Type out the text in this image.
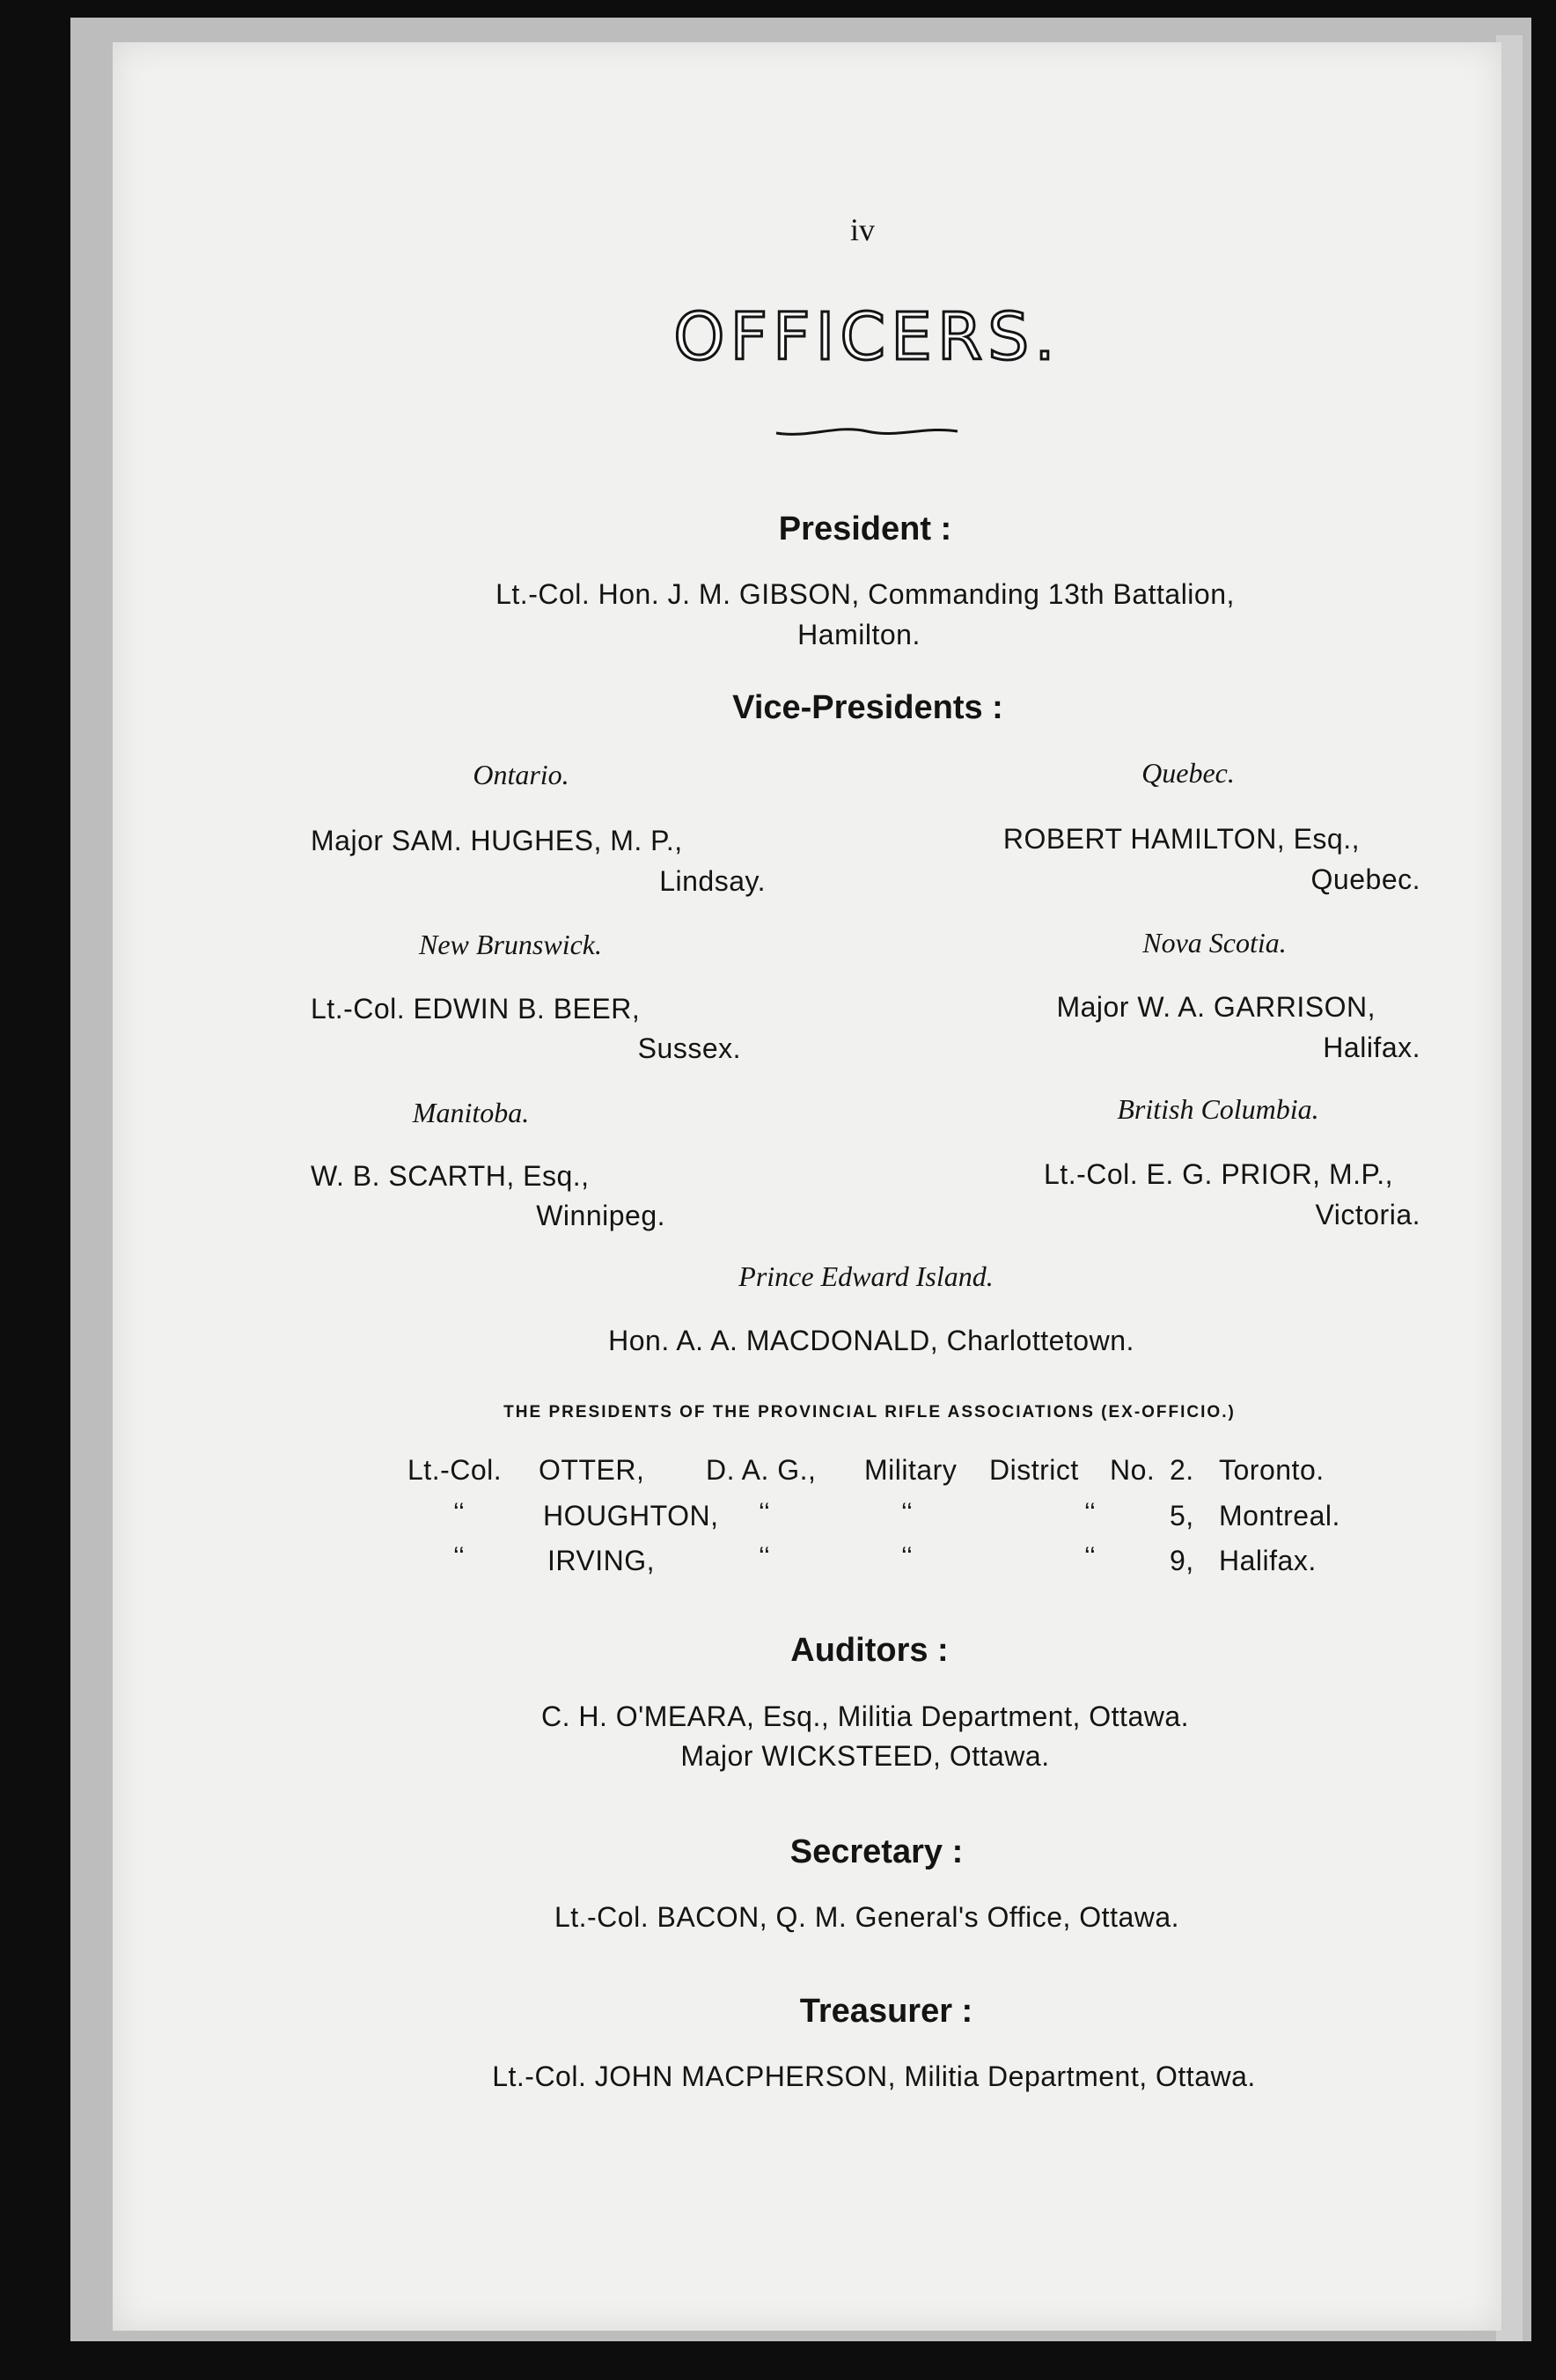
iv
OFFICERS.
President :
Lt.-Col. Hon. J. M. GIBSON, Commanding 13th Battalion,
Hamilton.
Vice-Presidents :
Ontario.	Quebec.
Major SAM. HUGHES, M. P.,
Lindsay.
ROBERT HAMILTON, Esq.,
Quebec.
New Brunswick.	Nova Scotia.
Lt.-Col. EDWIN B. BEER,
Sussex.
Major W. A. GARRISON,
Halifax.
Manitoba.	British Columbia.
W. B. SCARTH, Esq.,
Winnipeg.
Lt.-Col. E. G. PRIOR, M.P.,
Victoria.
Prince Edward Island.
Hon. A. A. MACDONALD, Charlottetown.
THE PRESIDENTS OF THE PROVINCIAL RIFLE ASSOCIATIONS (EX-OFFICIO.)
Lt.-Col. OTTER, D. A. G., Military District No. 2. Toronto.
‘‘	HOUGHTON, ‘‘	‘‘	‘‘	5, Montreal.
‘‘	IRVING,	‘‘	‘‘	‘‘	9, Halifax.
Auditors :
C. H. O'MEARA, Esq., Militia Department, Ottawa.
Major WICKSTEED, Ottawa.
Secretary :
Lt.-Col. BACON, Q. M. General's Office, Ottawa.
Treasurer :
Lt.-Col. JOHN MACPHERSON, Militia Department, Ottawa.
